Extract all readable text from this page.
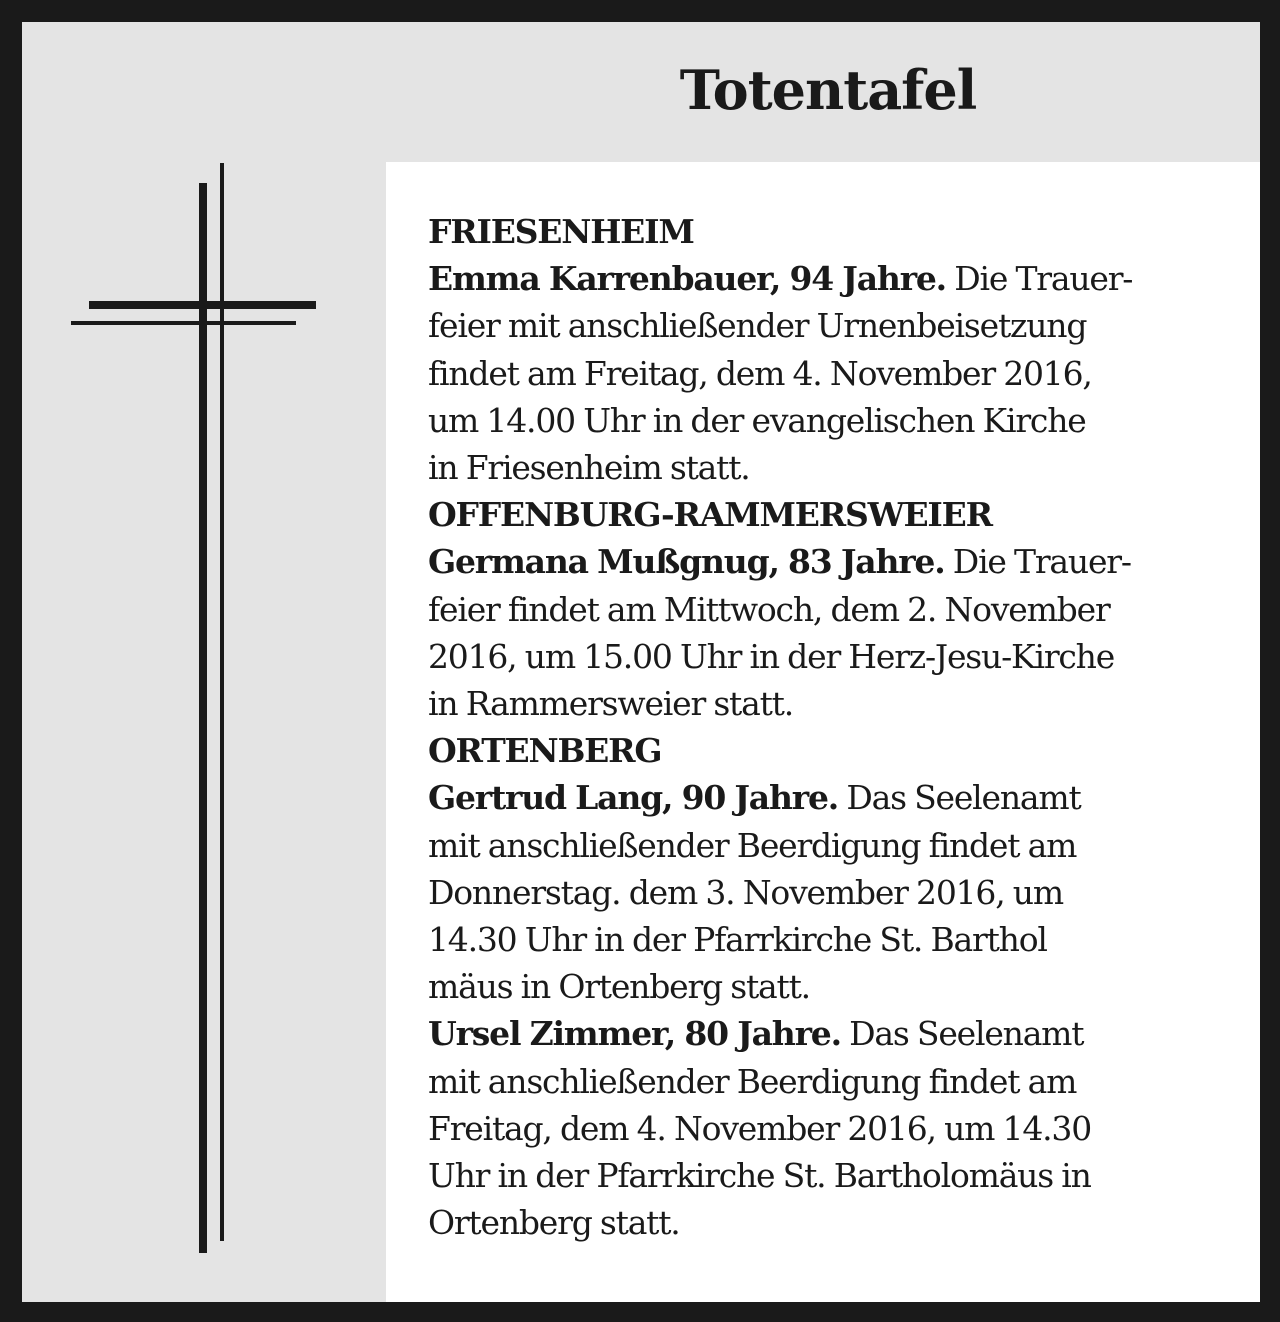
Totentafel
FRIESENHEIM
Emma Karrenbauer, 94 Jahre. Die Trauer-
feier mit anschließender Urnenbeisetzung
findet am Freitag, dem 4. November 2016,
um 14.00 Uhr in der evangelischen Kirche
in Friesenheim statt.
OFFENBURG-RAMMERSWEIER
Germana Mußgnug, 83 Jahre. Die Trauer-
feier findet am Mittwoch, dem 2. November
2016, um 15.00 Uhr in der Herz-Jesu-Kirche
in Rammersweier statt.
ORTENBERG
Gertrud Lang, 90 Jahre. Das Seelenamt
mit anschließender Beerdigung findet am
Donnerstag. dem 3. November 2016, um
14.30 Uhr in der Pfarrkirche St. Barthol
mäus in Ortenberg statt.
Ursel Zimmer, 80 Jahre. Das Seelenamt
mit anschließender Beerdigung findet am
Freitag, dem 4. November 2016, um 14.30
Uhr in der Pfarrkirche St. Bartholomäus in
Ortenberg statt.
